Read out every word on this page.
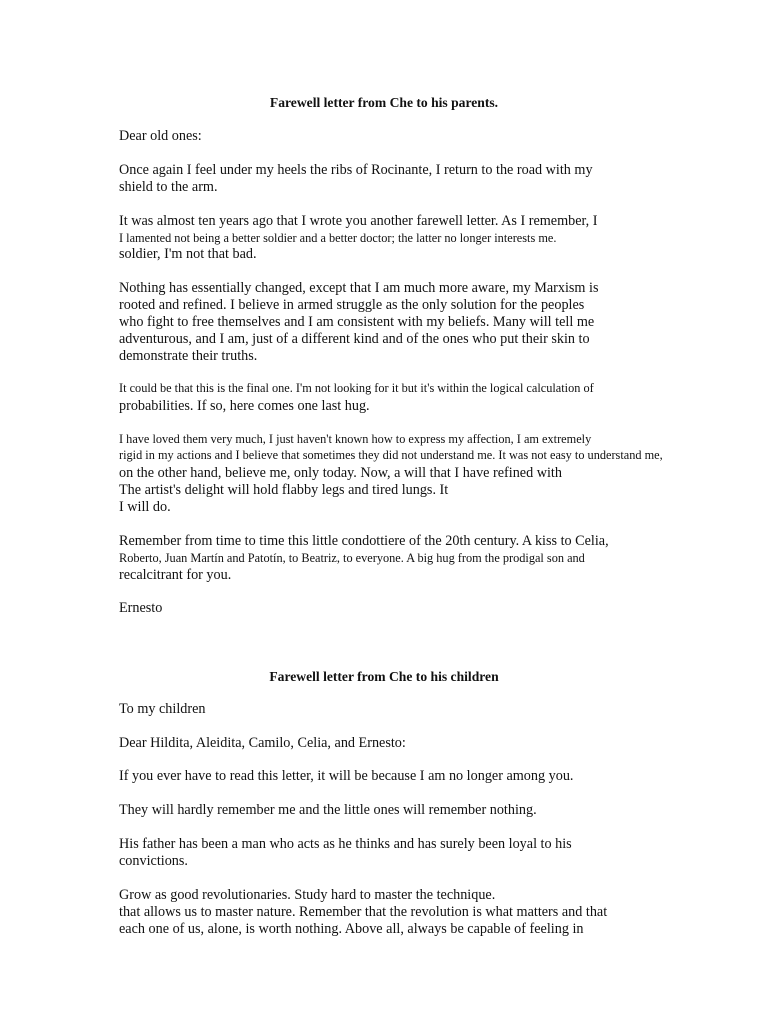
Farewell letter from Che to his parents.
Dear old ones:
Once again I feel under my heels the ribs of Rocinante, I return to the road with my
shield to the arm.
It was almost ten years ago that I wrote you another farewell letter. As I remember, I
I lamented not being a better soldier and a better doctor; the latter no longer interests me.
soldier, I'm not that bad.
Nothing has essentially changed, except that I am much more aware, my Marxism is
rooted and refined. I believe in armed struggle as the only solution for the peoples
who fight to free themselves and I am consistent with my beliefs. Many will tell me
adventurous, and I am, just of a different kind and of the ones who put their skin to
demonstrate their truths.
It could be that this is the final one. I'm not looking for it but it's within the logical calculation of
probabilities. If so, here comes one last hug.
I have loved them very much, I just haven't known how to express my affection, I am extremely
rigid in my actions and I believe that sometimes they did not understand me. It was not easy to understand me,
on the other hand, believe me, only today. Now, a will that I have refined with
The artist's delight will hold flabby legs and tired lungs. It
I will do.
Remember from time to time this little condottiere of the 20th century. A kiss to Celia,
Roberto, Juan Martín and Patotín, to Beatriz, to everyone. A big hug from the prodigal son and
recalcitrant for you.
Ernesto
Farewell letter from Che to his children
To my children
Dear Hildita, Aleidita, Camilo, Celia, and Ernesto:
If you ever have to read this letter, it will be because I am no longer among you.
They will hardly remember me and the little ones will remember nothing.
His father has been a man who acts as he thinks and has surely been loyal to his
convictions.
Grow as good revolutionaries. Study hard to master the technique.
that allows us to master nature. Remember that the revolution is what matters and that
each one of us, alone, is worth nothing. Above all, always be capable of feeling in
